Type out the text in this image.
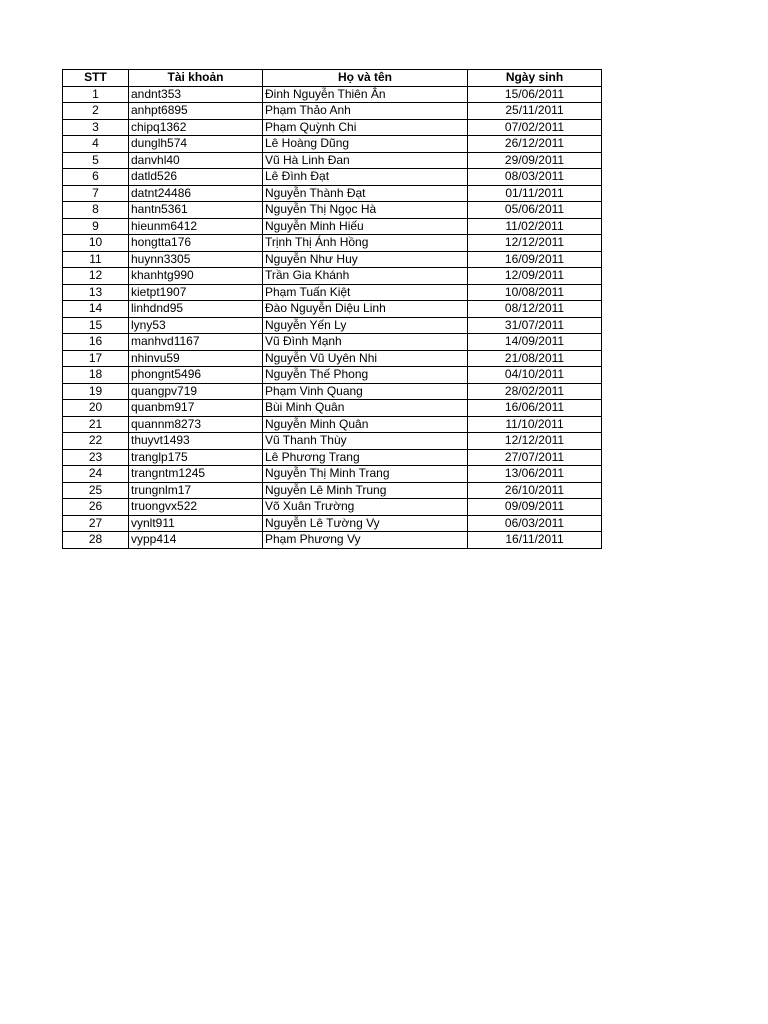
STT	Tài khoản	Họ và tên	Ngày sinh
1	andnt353	Đinh Nguyễn Thiên Ân	15/06/2011
2	anhpt6895	Phạm Thảo Anh	25/11/2011
3	chipq1362	Phạm Quỳnh Chi	07/02/2011
4	dunglh574	Lê Hoàng Dũng	26/12/2011
5	danvhl40	Vũ Hà Linh Đan	29/09/2011
6	datld526	Lê Đình Đạt	08/03/2011
7	datnt24486	Nguyễn Thành Đạt	01/11/2011
8	hantn5361	Nguyễn Thị Ngọc Hà	05/06/2011
9	hieunm6412	Nguyễn Minh Hiếu	11/02/2011
10	hongtta176	Trịnh Thị Ánh Hồng	12/12/2011
11	huynn3305	Nguyễn Như Huy	16/09/2011
12	khanhtg990	Trần Gia Khánh	12/09/2011
13	kietpt1907	Phạm Tuấn Kiệt	10/08/2011
14	linhdnd95	Đào Nguyễn Diệu Linh	08/12/2011
15	lyny53	Nguyễn Yến Ly	31/07/2011
16	manhvd1167	Vũ Đình Mạnh	14/09/2011
17	nhinvu59	Nguyễn Vũ Uyên Nhi	21/08/2011
18	phongnt5496	Nguyễn Thế Phong	04/10/2011
19	quangpv719	Phạm Vinh Quang	28/02/2011
20	quanbm917	Bùi Minh Quân	16/06/2011
21	quannm8273	Nguyễn Minh Quân	11/10/2011
22	thuyvt1493	Vũ Thanh Thùy	12/12/2011
23	tranglp175	Lê Phương Trang	27/07/2011
24	trangntm1245	Nguyễn Thị Minh Trang	13/06/2011
25	trungnlm17	Nguyễn Lê Minh Trung	26/10/2011
26	truongvx522	Võ Xuân Trường	09/09/2011
27	vynlt911	Nguyễn Lê Tường Vy	06/03/2011
28	vypp414	Phạm Phương Vy	16/11/2011
